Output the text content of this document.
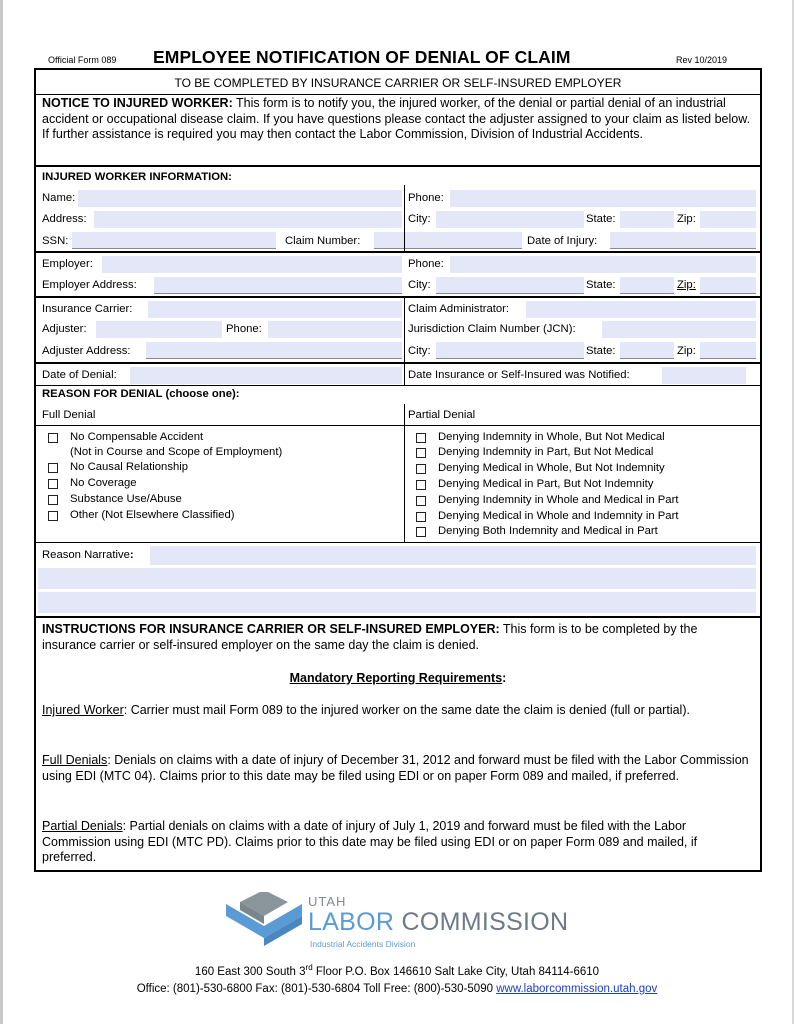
Official Form 089 EMPLOYEE NOTIFICATION OF DENIAL OF CLAIM	Rev 10/2019
TO BE COMPLETED BY INSURANCE CARRIER OR SELF-INSURED EMPLOYER
NOTICE TO INJURED WORKER: This form is to notify you, the injured worker, of the denial or partial denial of an industrial accident or occupational disease claim. If you have questions please contact the adjuster assigned to your claim as listed below. If further assistance is required you may then contact the Labor Commission, Division of Industrial Accidents.
INJURED WORKER INFORMATION:
Name:	Phone:
Address:	City:	State:	Zip:
SSN:	Claim Number:	Date of Injury:
Employer:	Phone:
Employer Address:	City:	State:	Zip:
Insurance Carrier:	Claim Administrator:
Adjuster:	Phone:	Jurisdiction Claim Number (JCN):
Adjuster Address:	City:	State:	Zip:
Date of Denial:	Date Insurance or Self-Insured was Notified:
REASON FOR DENIAL (choose one):
Full Denial	Partial Denial
No Compensable Accident
(Not in Course and Scope of Employment)
No Causal Relationship
No Coverage
Substance Use/Abuse
Other (Not Elsewhere Classified)
Denying Indemnity in Whole, But Not Medical
Denying Indemnity in Part, But Not Medical
Denying Medical in Whole, But Not Indemnity
Denying Medical in Part, But Not Indemnity
Denying Indemnity in Whole and Medical in Part
Denying Medical in Whole and Indemnity in Part
Denying Both Indemnity and Medical in Part
Reason Narrative:
INSTRUCTIONS FOR INSURANCE CARRIER OR SELF-INSURED EMPLOYER: This form is to be completed by the insurance carrier or self-insured employer on the same day the claim is denied.
Mandatory Reporting Requirements:
Injured Worker: Carrier must mail Form 089 to the injured worker on the same date the claim is denied (full or partial).
Full Denials: Denials on claims with a date of injury of December 31, 2012 and forward must be filed with the Labor Commission using EDI (MTC 04). Claims prior to this date may be filed using EDI or on paper Form 089 and mailed, if preferred.
Partial Denials: Partial denials on claims with a date of injury of July 1, 2019 and forward must be filed with the Labor Commission using EDI (MTC PD). Claims prior to this date may be filed using EDI or on paper Form 089 and mailed, if preferred.
UTAH
LABOR COMMISSION
Industrial Accidents Division
160 East 300 South 3rd Floor P.O. Box 146610 Salt Lake City, Utah 84114-6610
Office: (801)-530-6800 Fax: (801)-530-6804 Toll Free: (800)-530-5090 www.laborcommission.utah.gov
